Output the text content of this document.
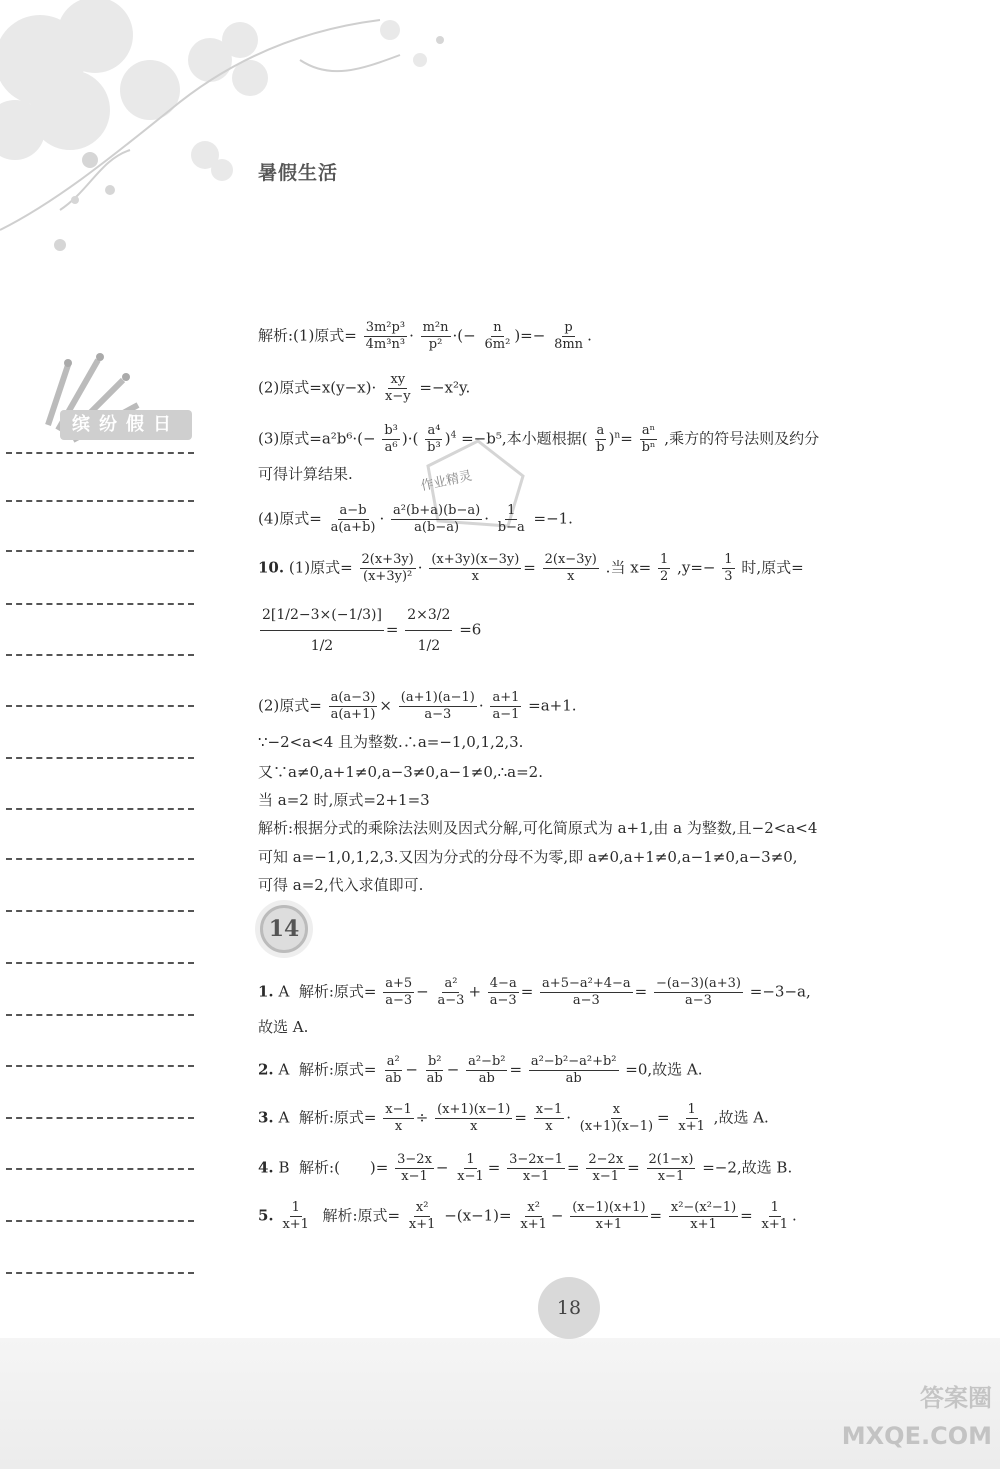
暑假生活
缤纷假日
作业精灵
解析:(1)原式= $\frac{\text{3m²p³}}{\text{4m³n³}} \cdot \frac{\text{m²n}}{\text{p²}}$ ·(− $\frac{n}{\text{6m²}}$ )=− $\frac{p}{8mn}$ .
(2)原式$=x(y-x)\cdot \frac{xy}{x-y} =-x^2y$.
(3)原式$=a^2b^6\cdot(- \frac{\text{b³}}{\text{a⁶}}$ )·( $\frac{\text{a⁴}}{\text{b³}} )^4 =-b^5$,本小题根据( $\frac{a}{b} )^n= \frac{\text{aⁿ}}{\text{bⁿ}}$ ,乘方的符号法则及约分
可得计算结果.
(4)原式= $\frac{a-b}{a(a+b)} \cdot \frac{\text{a²(b+a)(b−a)}}{a(b-a)} \cdot \frac{1}{b-a} =-1$.
10. (1)原式= $\frac{2(x+3y)}{\text{(x+3y)²}} \cdot \frac{(x+3y)(x-3y)}{x} = \frac{2(x-3y)}{x}$ .当 $x= \frac{1}{2} ,y=- \frac{1}{3}$ 时,原式=
$\frac{2[1/2-3\times(-1/3)]}{1/2} = \frac{2\times 3/2}{1/2} =6$
(2)原式= $\frac{a(a-3)}{a(a+1)} \times \frac{(a+1)(a-1)}{a-3} \cdot \frac{a+1}{a-1} =a+1$.
∵−2<a<4 且为整数.∴a=−1,0,1,2,3.
又∵a≠0,a+1≠0,a−3≠0,a−1≠0,∴a=2.
当 a=2 时,原式=2+1=3
解析:根据分式的乘除法法则及因式分解,可化简原式为 a+1,由 a 为整数,且−2<a<4
可知 a=−1,0,1,2,3.又因为分式的分母不为零,即 a≠0,a+1≠0,a−1≠0,a−3≠0,
可得 a=2,代入求值即可.
14
1. A 解析:原式= $\frac{a+5}{a-3} - \frac{\text{a²}}{a-3} + \frac{4-a}{a-3} = \frac{\text{a+5−a²+4−a}}{a-3} = \frac{-(a-3)(a+3)}{a-3} =-3-a$,
故选 A.
2. A 解析:原式= $\frac{\text{a²}}{ab} - \frac{\text{b²}}{ab} - \frac{\text{a²−b²}}{ab} = \frac{\text{a²−b²−a²+b²}}{ab} =0$,故选 A.
3. A 解析:原式= $\frac{x-1}{x} \div \frac{(x+1)(x-1)}{x} = \frac{x-1}{x} \cdot \frac{x}{(x+1)(x-1)} = \frac{1}{x+1}$ ,故选 A.
4. B 解析:(　　)= $\frac{3-2x}{x-1} - \frac{1}{x-1} = \frac{3-2x-1}{x-1} = \frac{2-2x}{x-1} = \frac{2(1-x)}{x-1} =-2$,故选 B.
5. $\frac{1}{x+1}$ 解析:原式= $\frac{\text{x²}}{x+1} -(x-1)= \frac{\text{x²}}{x+1} - \frac{(x-1)(x+1)}{x+1} = \frac{\text{x²−(x²−1)}}{x+1} = \frac{1}{x+1}$ .
18
答案圈 MXQE.COM
